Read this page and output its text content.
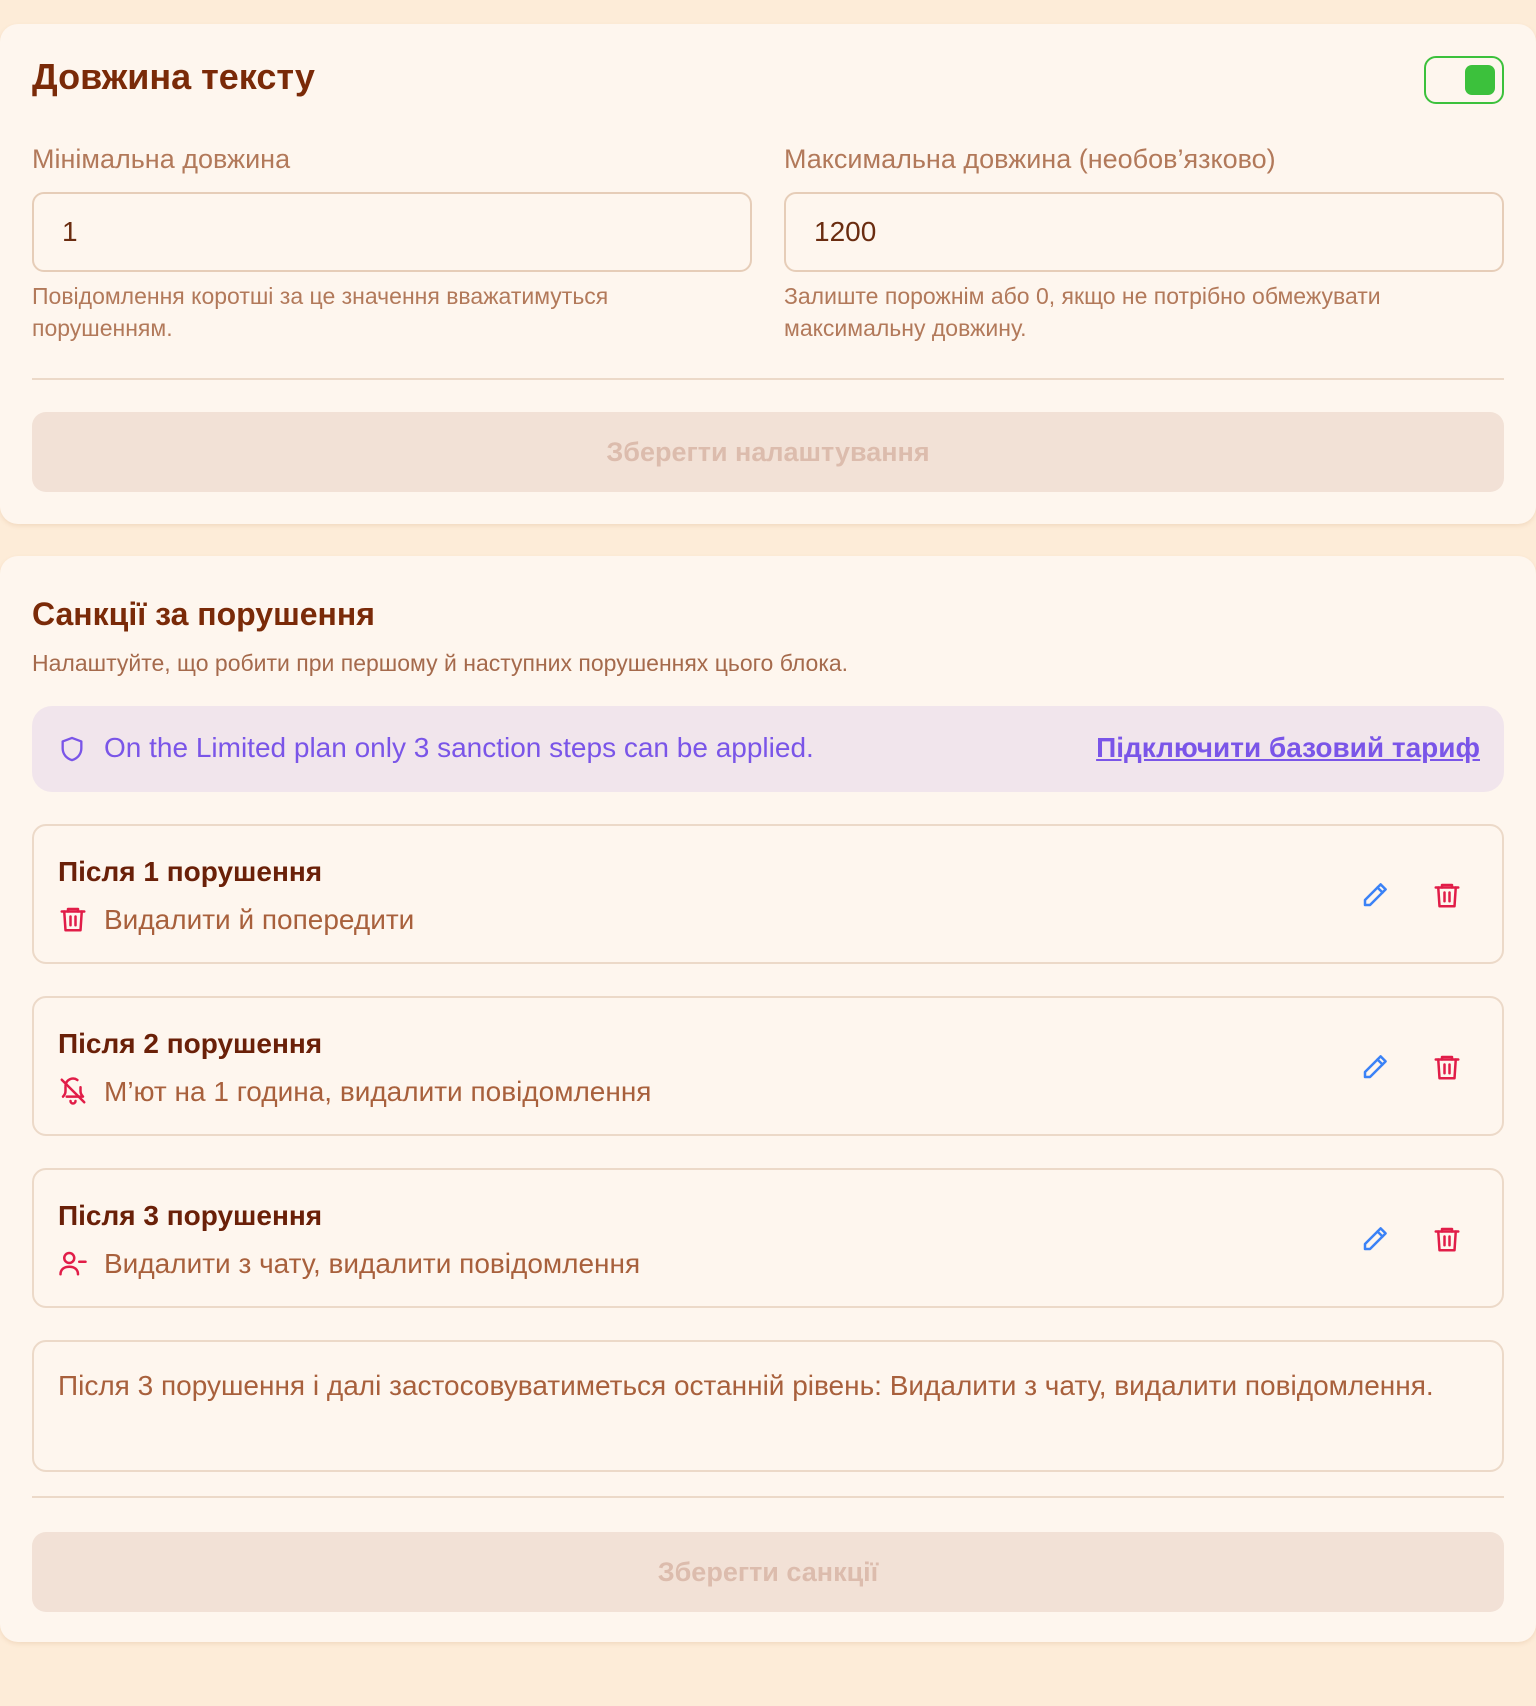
Довжина тексту
Мінімальна довжина
1
Повідомлення коротші за це значення вважатимуться порушенням.
Максимальна довжина (необов’язково)
1200
Залиште порожнім або 0, якщо не потрібно обмежувати максимальну довжину.
Зберегти налаштування
Санкції за порушення
Налаштуйте, що робити при першому й наступних порушеннях цього блока.
On the Limited plan only 3 sanction steps can be applied.	Підключити базовий тариф
Після 1 порушення
Видалити й попередити
Після 2 порушення
М’ют на 1 година, видалити повідомлення
Після 3 порушення
Видалити з чату, видалити повідомлення
Після 3 порушення і далі застосовуватиметься останній рівень: Видалити з чату, видалити повідомлення.
Зберегти санкції
